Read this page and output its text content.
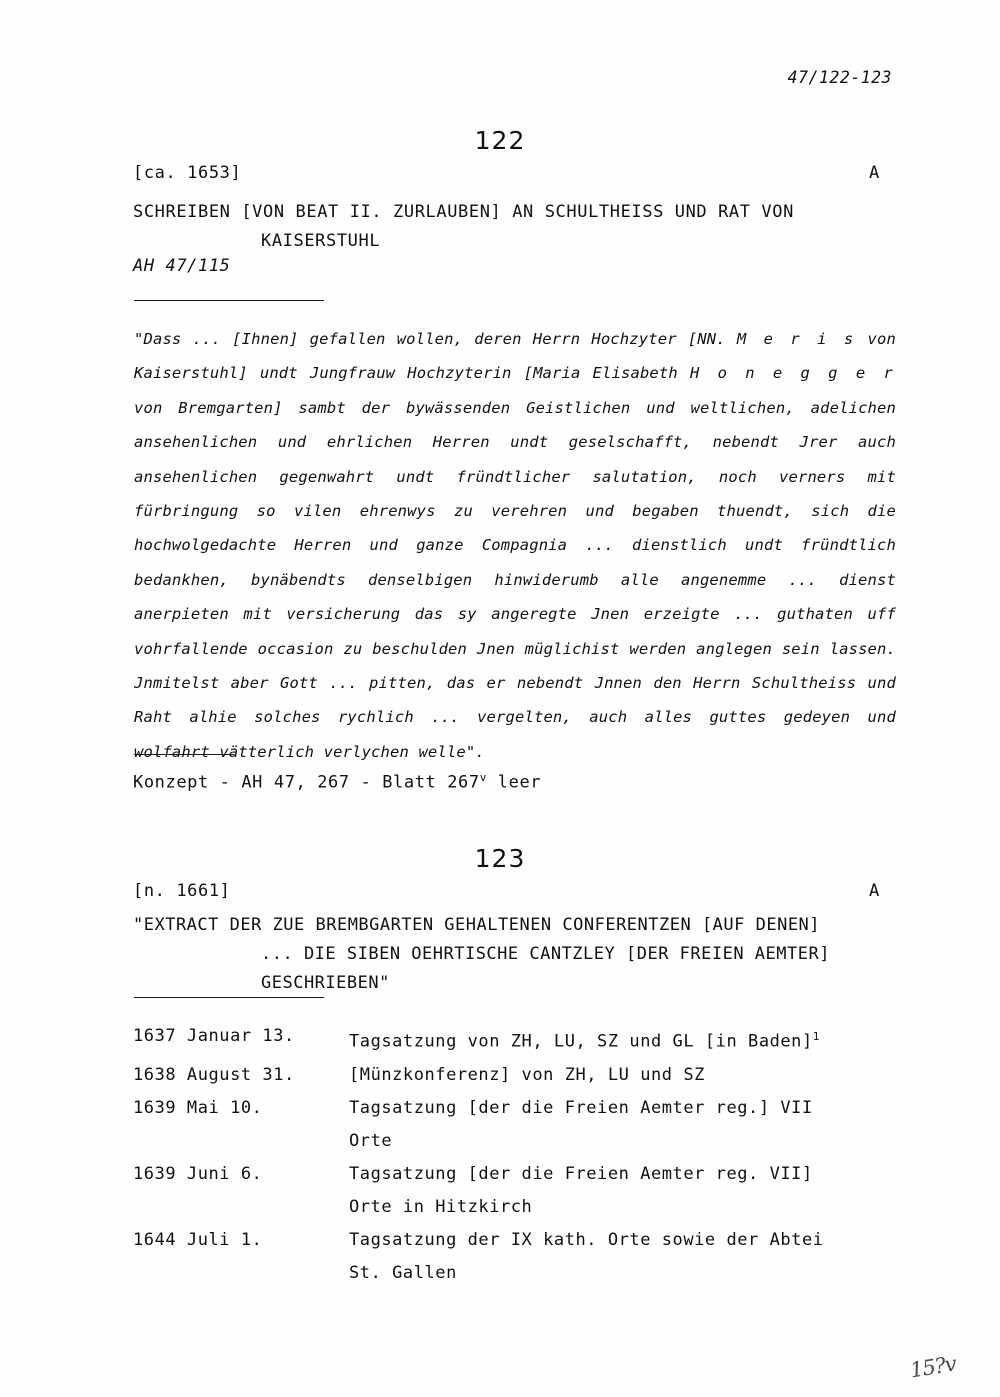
47/122-123
122
[ca. 1653]	A
SCHREIBEN [VON BEAT II. ZURLAUBEN] AN SCHULTHEISS UND RAT VON
KAISERSTUHL
AH 47/115

"Dass ... [Ihnen] gefallen wollen, deren Herrn Hochzyter [NN. M e r i s von Kaiserstuhl] undt Jungfrauw Hochzyterin [Maria Elisabeth H o n e g g e r von Bremgarten] sambt der bywässenden Geistlichen und weltlichen, adelichen ansehenlichen und ehrlichen Herren undt geselschafft, nebendt Jrer auch ansehenlichen gegenwahrt undt fründtlicher salutation, noch verners mit fürbringung so vilen ehrenwys zu verehren und begaben thuendt, sich die hochwolgedachte Herren und ganze Compagnia ... dienstlich undt fründtlich bedankhen, bynäbendts denselbigen hinwiderumb alle angenemme ... dienst anerpieten mit versicherung das sy angeregte Jnen erzeigte ... guthaten uff vohrfallende occasion zu beschulden Jnen müglichist werden anglegen sein lassen. Jnmitelst aber Gott ... pitten, das er nebendt Jnnen den Herrn Schultheiss und Raht alhie solches rychlich ... vergelten, auch alles guttes gedeyen und wolfahrt vätterlich verlychen welle".

Konzept - AH 47, 267 - Blatt 267$^v$ leer
123
[n. 1661]	A
"EXTRACT DER ZUE BREMBGARTEN GEHALTENEN CONFERENTZEN [AUF DENEN]
... DIE SIBEN OEHRTISCHE CANTZLEY [DER FREIEN AEMTER]
GESCHRIEBEN"
1637 Januar 13.	Tagsatzung von ZH, LU, SZ und GL [in Baden]$^1$
1638 August 31.	[Münzkonferenz] von ZH, LU und SZ
1639 Mai 10.	Tagsatzung [der die Freien Aemter reg.] VII
Orte
1639 Juni 6.	Tagsatzung [der die Freien Aemter reg. VII]
Orte in Hitzkirch
1644 Juli 1.	Tagsatzung der IX kath. Orte sowie der Abtei
St. Gallen
15?v
